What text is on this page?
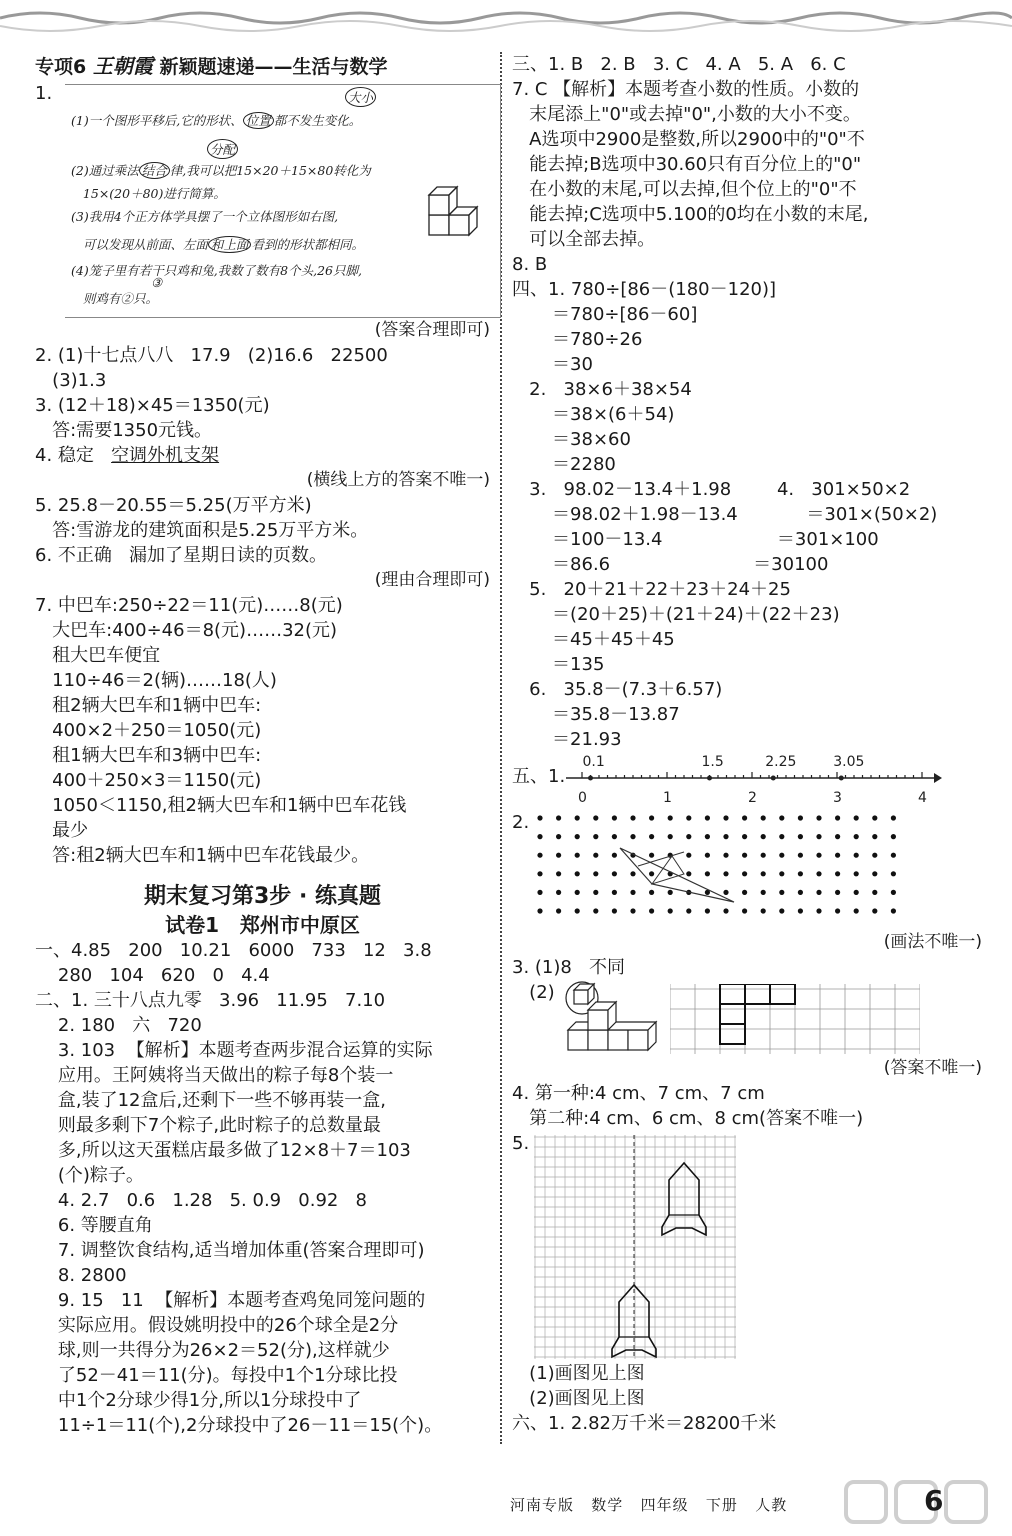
专项6 王朝霞 新颖题速递——生活与数学
1.	大小
(1)一个图形平移后,它的形状、 位置 都不发生变化。
分配
(2)通过乘法 结合 律,我可以把15×20＋15×80转化为
15×(20＋80)进行简算。
(3)我用4个正方体学具摆了一个立体图形如右图,
可以发现从前面、左面 和上面 看到的形状都相同。
(4)笼子里有若干只鸡和兔,我数了数有8个头,26只脚,
③
则鸡有②只。
(答案合理即可)
2. (1)十七点八八   17.9   (2)16.6   22500
(3)1.3
3. (12＋18)×45＝1350(元)
答:需要1350元钱。
4. 稳定   空调外机支架
(横线上方的答案不唯一)
5. 25.8－20.55＝5.25(万平方米)
答:雪游龙的建筑面积是5.25万平方米。
6. 不正确   漏加了星期日读的页数。
(理由合理即可)
7. 中巴车:250÷22＝11(元)……8(元)
大巴车:400÷46＝8(元)……32(元)
租大巴车便宜
110÷46＝2(辆)……18(人)
租2辆大巴车和1辆中巴车:
400×2＋250＝1050(元)
租1辆大巴车和3辆中巴车:
400＋250×3＝1150(元)
1050＜1150,租2辆大巴车和1辆中巴车花钱
最少
答:租2辆大巴车和1辆中巴车花钱最少。
期末复习第3步 · 练真题
试卷1   郑州市中原区
一、4.85   200   10.21   6000   733   12   3.8
280   104   620   0   4.4
二、1. 三十八点九零   3.96   11.95   7.10
2. 180   六   720
3. 103  【解析】本题考查两步混合运算的实际
应用。王阿姨将当天做出的粽子每8个装一
盒,装了12盒后,还剩下一些不够再装一盒,
则最多剩下7个粽子,此时粽子的总数量最
多,所以这天蛋糕店最多做了12×8＋7＝103
(个)粽子。
4. 2.7   0.6   1.28   5. 0.9   0.92   8
6. 等腰直角
7. 调整饮食结构,适当增加体重(答案合理即可)
8. 2800
9. 15   11  【解析】本题考查鸡兔同笼问题的
实际应用。假设姚明投中的26个球全是2分
球,则一共得分为26×2＝52(分),这样就少
了52－41＝11(分)。每投中1个1分球比投
中1个2分球少得1分,所以1分球投中了
11÷1＝11(个),2分球投中了26－11＝15(个)。
三、1. B   2. B   3. C   4. A   5. A   6. C
7. C 【解析】本题考查小数的性质。小数的
末尾添上"0"或去掉"0",小数的大小不变。
A选项中2900是整数,所以2900中的"0"不
能去掉;B选项中30.60只有百分位上的"0"
在小数的末尾,可以去掉,但个位上的"0"不
能去掉;C选项中5.100的0均在小数的末尾,
可以全部去掉。
8. B
四、1. 780÷[86－(180－120)]
＝780÷[86－60]
＝780÷26
＝30
2.   38×6＋38×54
＝38×(6＋54)
＝38×60
＝2280
3.   98.02－13.4＋1.98        4.   301×50×2
＝98.02＋1.98－13.4            ＝301×(50×2)
＝100－13.4                    ＝301×100
＝86.6                         ＝30100
5.   20＋21＋22＋23＋24＋25
＝(20＋25)＋(21＋24)＋(22＋23)
＝45＋45＋45
＝135
6.   35.8－(7.3＋6.57)
＝35.8－13.87
＝21.93
五、1.
0.1	1.5	2.25	3.05
0	1	2	3	4
2.
(画法不唯一)
3. (1)8   不同
(2)
(答案不唯一)
4. 第一种:4 cm、7 cm、7 cm
第二种:4 cm、6 cm、8 cm(答案不唯一)
5.
(1)画图见上图
(2)画图见上图
六、1. 2.82万千米＝28200千米
河南专版   数学   四年级   下册   人教	6
